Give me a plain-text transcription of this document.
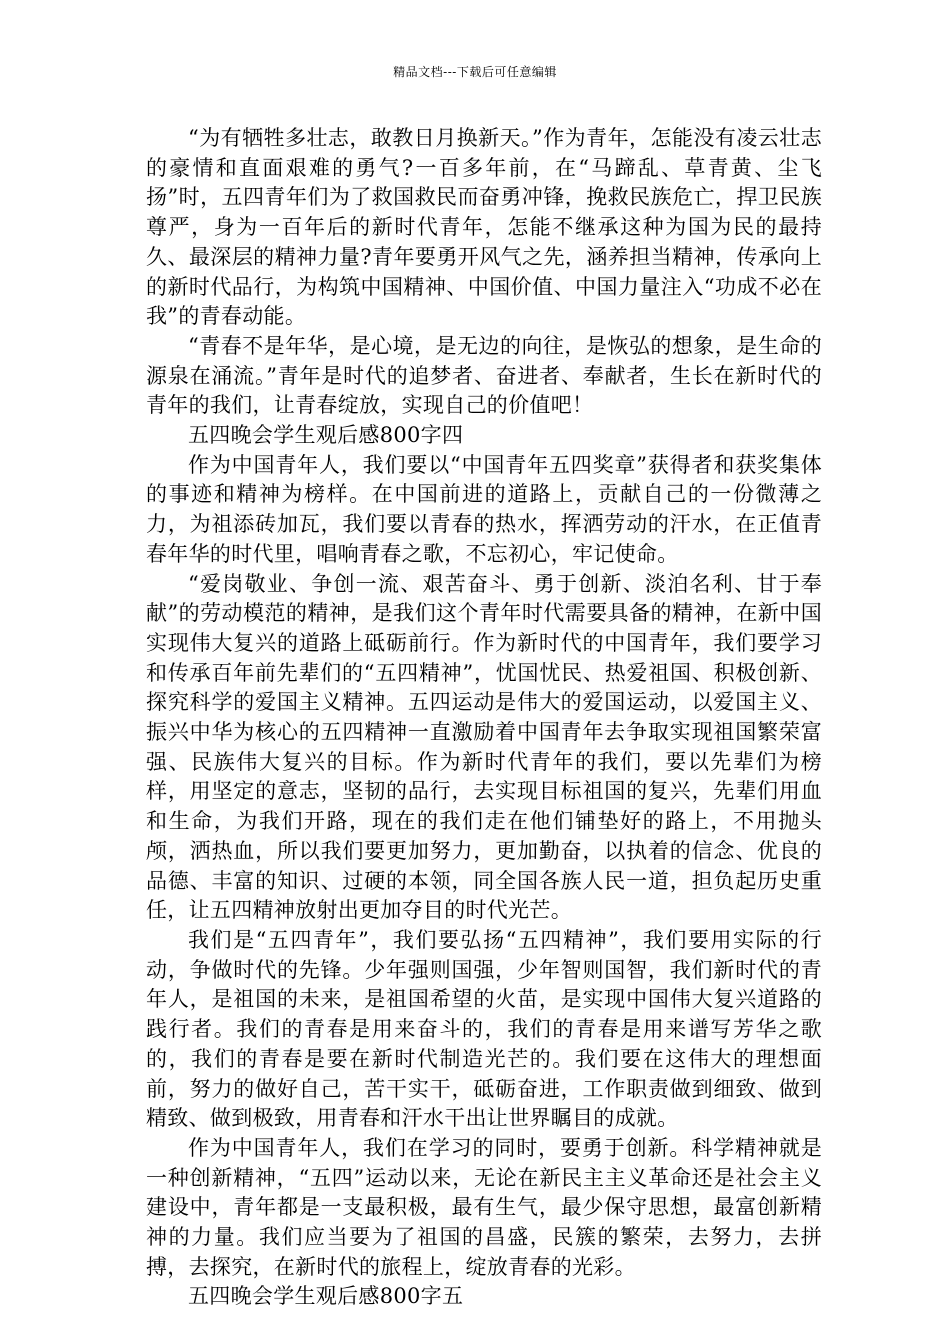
精品文档---下载后可任意编辑

“为有牺牲多壮志，敢教日月换新天。”作为青年，怎能没有凌云壮志的豪情和直面艰难的勇气?一百多年前，在“马蹄乱、草青黄、尘飞扬”时，五四青年们为了救国救民而奋勇冲锋，挽救民族危亡，捍卫民族尊严，身为一百年后的新时代青年，怎能不继承这种为国为民的最持久、最深层的精神力量?青年要勇开风气之先，涵养担当精神，传承向上的新时代品行，为构筑中国精神、中国价值、中国力量注入“功成不必在我”的青春动能。

“青春不是年华，是心境，是无边的向往，是恢弘的想象，是生命的源泉在涌流。”青年是时代的追梦者、奋进者、奉献者，生长在新时代的青年的我们，让青春绽放，实现自己的价值吧！

五四晚会学生观后感800字四

作为中国青年人，我们要以“中国青年五四奖章”获得者和获奖集体的事迹和精神为榜样。在中国前进的道路上，贡献自己的一份微薄之力，为祖添砖加瓦，我们要以青春的热水，挥洒劳动的汗水，在正值青春年华的时代里，唱响青春之歌，不忘初心，牢记使命。

“爱岗敬业、争创一流、艰苦奋斗、勇于创新、淡泊名利、甘于奉献”的劳动模范的精神，是我们这个青年时代需要具备的精神，在新中国实现伟大复兴的道路上砥砺前行。作为新时代的中国青年，我们要学习和传承百年前先辈们的“五四精神”，忧国忧民、热爱祖国、积极创新、探究科学的爱国主义精神。五四运动是伟大的爱国运动，以爱国主义、振兴中华为核心的五四精神一直激励着中国青年去争取实现祖国繁荣富强、民族伟大复兴的目标。作为新时代青年的我们，要以先辈们为榜样，用坚定的意志，坚韧的品行，去实现目标祖国的复兴，先辈们用血和生命，为我们开路，现在的我们走在他们铺垫好的路上，不用抛头颅，洒热血，所以我们要更加努力，更加勤奋，以执着的信念、优良的品德、丰富的知识、过硬的本领，同全国各族人民一道，担负起历史重任，让五四精神放射出更加夺目的时代光芒。

我们是“五四青年”，我们要弘扬“五四精神”，我们要用实际的行动，争做时代的先锋。少年强则国强，少年智则国智，我们新时代的青年人，是祖国的未来，是祖国希望的火苗，是实现中国伟大复兴道路的践行者。我们的青春是用来奋斗的，我们的青春是用来谱写芳华之歌的，我们的青春是要在新时代制造光芒的。我们要在这伟大的理想面前，努力的做好自己，苦干实干，砥砺奋进，工作职责做到细致、做到精致、做到极致，用青春和汗水干出让世界瞩目的成就。

作为中国青年人，我们在学习的同时，要勇于创新。科学精神就是一种创新精神，“五四”运动以来，无论在新民主主义革命还是社会主义建设中，青年都是一支最积极，最有生气，最少保守思想，最富创新精神的力量。我们应当要为了祖国的昌盛，民簇的繁荣，去努力，去拼搏，去探究，在新时代的旅程上，绽放青春的光彩。

五四晚会学生观后感800字五
